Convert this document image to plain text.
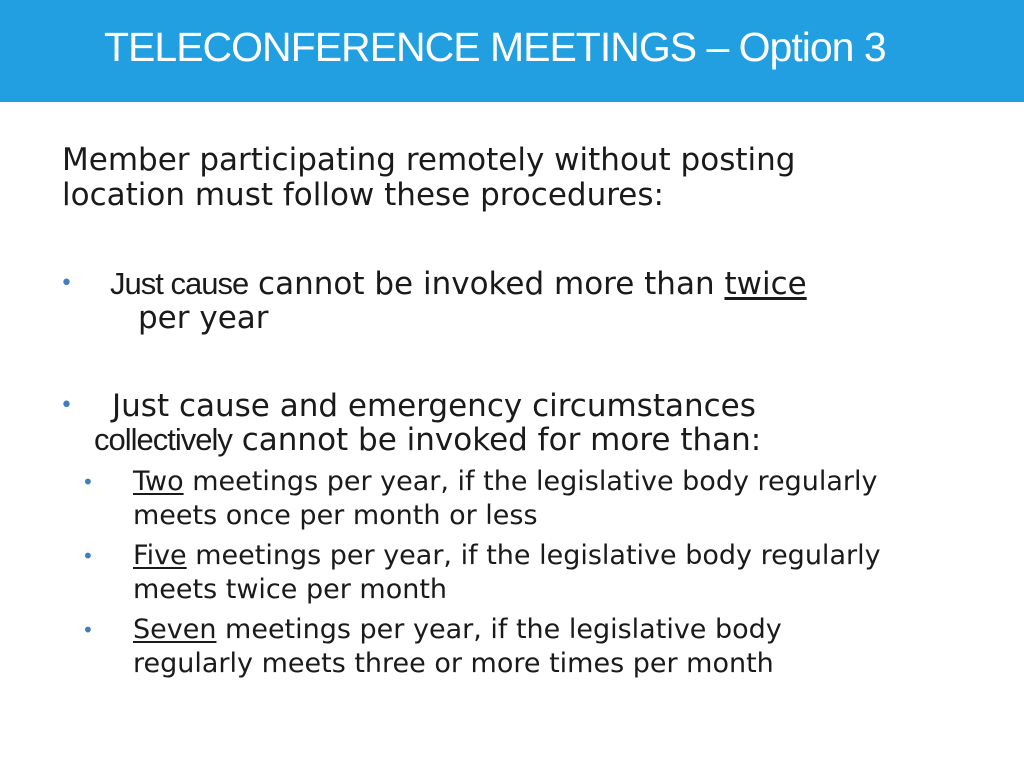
TELECONFERENCE MEETINGS – Option 3

Member participating remotely without posting
location must follow these procedures:

•	Just cause cannot be invoked more than twice
per year
•	Just cause and emergency circumstances
collectively cannot be invoked for more than:
• Two meetings per year, if the legislative body regularly
meets once per month or less
• Five meetings per year, if the legislative body regularly
meets twice per month
• Seven meetings per year, if the legislative body
regularly meets three or more times per month
